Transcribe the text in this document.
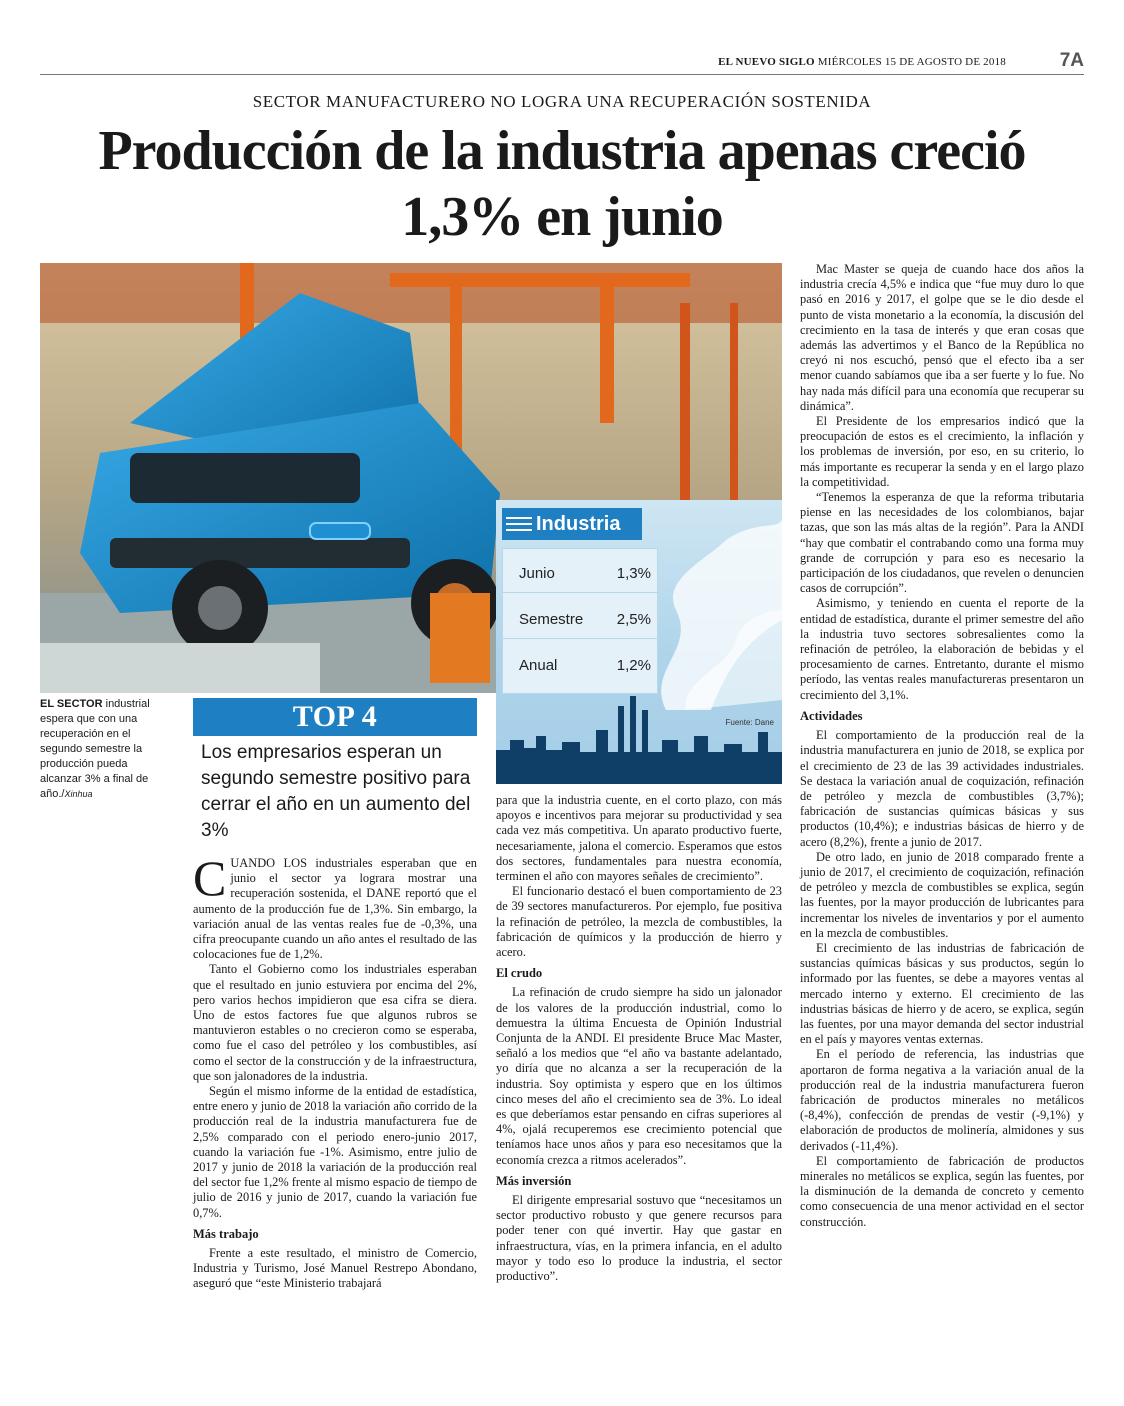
EL NUEVO SIGLO MIÉRCOLES 15 DE AGOSTO DE 2018	7A
SECTOR MANUFACTURERO NO LOGRA UNA RECUPERACIÓN SOSTENIDA
Producción de la industria apenas creció 1,3% en junio
Industria
Junio	1,3%
Semestre 2,5%
Anual	1,2%
Fuente: Dane
EL SECTOR industrial espera que con una recuperación en el segundo semestre la producción pueda alcanzar 3% a final de año./Xinhua
TOP 4
Los empresarios esperan un segundo semestre positivo para cerrar el año en un aumento del 3%

CUANDO LOS industriales esperaban que en junio el sector ya lograra mostrar una recuperación sostenida, el DANE reportó que el aumento de la producción fue de 1,3%. Sin embargo, la variación anual de las ventas reales fue de -0,3%, una cifra preocupante cuando un año antes el resultado de las colocaciones fue de 1,2%.

Tanto el Gobierno como los industriales esperaban que el resultado en junio estuviera por encima del 2%, pero varios hechos impidieron que esa cifra se diera. Uno de estos factores fue que algunos rubros se mantuvieron estables o no crecieron como se esperaba, como fue el caso del petróleo y los combustibles, así como el sector de la construcción y de la infraestructura, que son jalonadores de la industria.

Según el mismo informe de la entidad de estadística, entre enero y junio de 2018 la variación año corrido de la producción real de la industria manufacturera fue de 2,5% comparado con el periodo enero-junio 2017, cuando la variación fue -1%. Asimismo, entre julio de 2017 y junio de 2018 la variación de la producción real del sector fue 1,2% frente al mismo espacio de tiempo de julio de 2016 y junio de 2017, cuando la variación fue 0,7%.

Más trabajo

Frente a este resultado, el ministro de Comercio, Industria y Turismo, José Manuel Restrepo Abondano, aseguró que “este Ministerio trabajará

para que la industria cuente, en el corto plazo, con más apoyos e incentivos para mejorar su productividad y sea cada vez más competitiva. Un aparato productivo fuerte, necesariamente, jalona el comercio. Esperamos que estos dos sectores, fundamentales para nuestra economía, terminen el año con mayores señales de crecimiento”.

El funcionario destacó el buen comportamiento de 23 de 39 sectores manufactureros. Por ejemplo, fue positiva la refinación de petróleo, la mezcla de combustibles, la fabricación de químicos y la producción de hierro y acero.

El crudo

La refinación de crudo siempre ha sido un jalonador de los valores de la producción industrial, como lo demuestra la última Encuesta de Opinión Industrial Conjunta de la ANDI. El presidente Bruce Mac Master, señaló a los medios que “el año va bastante adelantado, yo diría que no alcanza a ser la recuperación de la industria. Soy optimista y espero que en los últimos cinco meses del año el crecimiento sea de 3%. Lo ideal es que deberíamos estar pensando en cifras superiores al 4%, ojalá recuperemos ese crecimiento potencial que teníamos hace unos años y para eso necesitamos que la economía crezca a ritmos acelerados”.

Más inversión

El dirigente empresarial sostuvo que “necesitamos un sector productivo robusto y que genere recursos para poder tener con qué invertir. Hay que gastar en infraestructura, vías, en la primera infancia, en el adulto mayor y todo eso lo produce la industria, el sector productivo”.

Mac Master se queja de cuando hace dos años la industria crecía 4,5% e indica que “fue muy duro lo que pasó en 2016 y 2017, el golpe que se le dio desde el punto de vista monetario a la economía, la discusión del crecimiento en la tasa de interés y que eran cosas que además las advertimos y el Banco de la República no creyó ni nos escuchó, pensó que el efecto iba a ser menor cuando sabíamos que iba a ser fuerte y lo fue. No hay nada más difícil para una economía que recuperar su dinámica”.

El Presidente de los empresarios indicó que la preocupación de estos es el crecimiento, la inflación y los problemas de inversión, por eso, en su criterio, lo más importante es recuperar la senda y en el largo plazo la competitividad.

“Tenemos la esperanza de que la reforma tributaria piense en las necesidades de los colombianos, bajar tazas, que son las más altas de la región”. Para la ANDI “hay que combatir el contrabando como una forma muy grande de corrupción y para eso es necesario la participación de los ciudadanos, que revelen o denuncien casos de corrupción”.

Asimismo, y teniendo en cuenta el reporte de la entidad de estadística, durante el primer semestre del año la industria tuvo sectores sobresalientes como la refinación de petróleo, la elaboración de bebidas y el procesamiento de carnes. Entretanto, durante el mismo período, las ventas reales manufactureras presentaron un crecimiento del 3,1%.

Actividades

El comportamiento de la producción real de la industria manufacturera en junio de 2018, se explica por el crecimiento de 23 de las 39 actividades industriales. Se destaca la variación anual de coquización, refinación de petróleo y mezcla de combustibles (3,7%); fabricación de sustancias químicas básicas y sus productos (10,4%); e industrias básicas de hierro y de acero (8,2%), frente a junio de 2017.

De otro lado, en junio de 2018 comparado frente a junio de 2017, el crecimiento de coquización, refinación de petróleo y mezcla de combustibles se explica, según las fuentes, por la mayor producción de lubricantes para incrementar los niveles de inventarios y por el aumento en la mezcla de combustibles.

El crecimiento de las industrias de fabricación de sustancias químicas básicas y sus productos, según lo informado por las fuentes, se debe a mayores ventas al mercado interno y externo. El crecimiento de las industrias básicas de hierro y de acero, se explica, según las fuentes, por una mayor demanda del sector industrial en el país y mayores ventas externas.

En el período de referencia, las industrias que aportaron de forma negativa a la variación anual de la producción real de la industria manufacturera fueron fabricación de productos minerales no metálicos (-8,4%), confección de prendas de vestir (-9,1%) y elaboración de productos de molinería, almidones y sus derivados (-11,4%).

El comportamiento de fabricación de productos minerales no metálicos se explica, según las fuentes, por la disminución de la demanda de concreto y cemento como consecuencia de una menor actividad en el sector construcción.
